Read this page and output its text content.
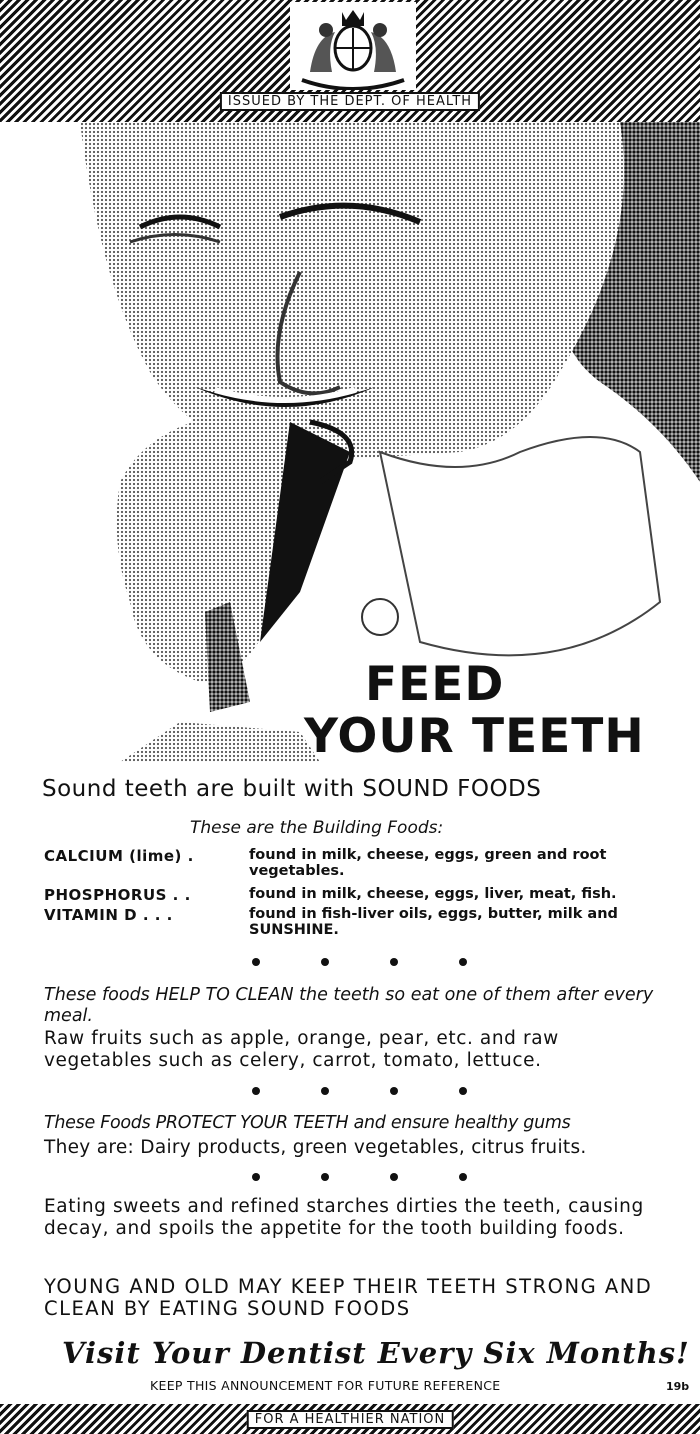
ISSUED BY THE DEPT. OF HEALTH
FEED
YOUR TEETH
Sound teeth are built with SOUND FOODS
These are the Building Foods:
CALCIUM (lime) .	found in milk, cheese, eggs, green and root vegetables.
PHOSPHORUS . .	found in milk, cheese, eggs, liver, meat, fish.
VITAMIN D . . .	found in fish-liver oils, eggs, butter, milk and SUNSHINE.
These foods HELP TO CLEAN the teeth so eat one of them after every meal.
Raw fruits such as apple, orange, pear, etc. and raw vegetables such as celery, carrot, tomato, lettuce.
These Foods PROTECT YOUR TEETH and ensure healthy gums
They are: Dairy products, green vegetables, citrus fruits.
Eating sweets and refined starches dirties the teeth, causing decay, and spoils the appetite for the tooth building foods.
YOUNG AND OLD MAY KEEP THEIR TEETH STRONG AND CLEAN BY EATING SOUND FOODS
Visit Your Dentist Every Six Months!
KEEP THIS ANNOUNCEMENT FOR FUTURE REFERENCE	19b
FOR A HEALTHIER NATION
